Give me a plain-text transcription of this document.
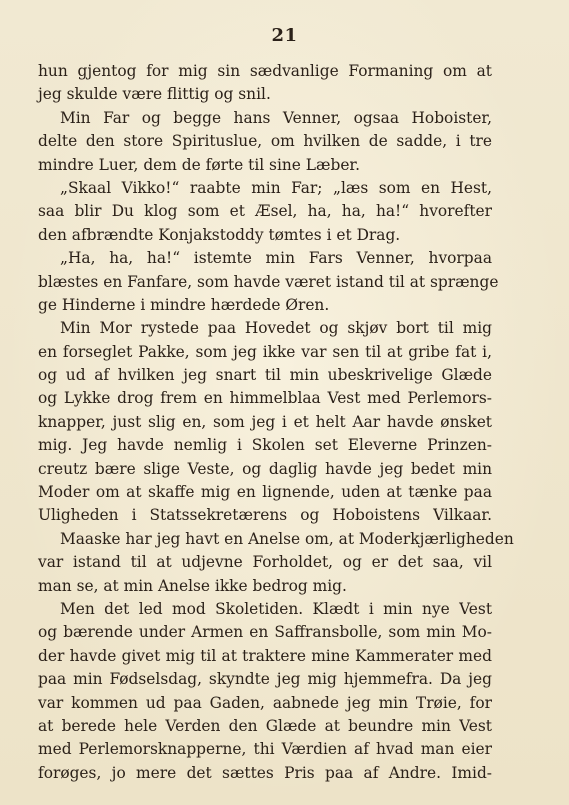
21
hun gjentog for mig sin sædvanlige Formaning om at
jeg skulde være flittig og snil.
Min Far og begge hans Venner, ogsaa Hoboister,
delte den store Spirituslue, om hvilken de sadde, i tre
mindre Luer, dem de førte til sine Læber.
„Skaal Vikko!“ raabte min Far; „læs som en Hest,
saa blir Du klog som et Æsel, ha, ha, ha!“ hvorefter
den afbrændte Konjakstoddy tømtes i et Drag.
„Ha, ha, ha!“ istemte min Fars Venner, hvorpaa
blæstes en Fanfare, som havde været istand til at sprænge
ge Hinderne i mindre hærdede Øren.
Min Mor rystede paa Hovedet og skjøv bort til mig
en forseglet Pakke, som jeg ikke var sen til at gribe fat i,
og ud af hvilken jeg snart til min ubeskrivelige Glæde
og Lykke drog frem en himmelblaa Vest med Perlemors-
knapper, just slig en, som jeg i et helt Aar havde ønsket
mig. Jeg havde nemlig i Skolen set Eleverne Prinzen-
creutz bære slige Veste, og daglig havde jeg bedet min
Moder om at skaffe mig en lignende, uden at tænke paa
Uligheden i Statssekretærens og Hoboistens Vilkaar.
Maaske har jeg havt en Anelse om, at Moderkjærligheden
var istand til at udjevne Forholdet, og er det saa, vil
man se, at min Anelse ikke bedrog mig.
Men det led mod Skoletiden. Klædt i min nye Vest
og bærende under Armen en Saffransbolle, som min Mo-
der havde givet mig til at traktere mine Kammerater med
paa min Fødselsdag, skyndte jeg mig hjemmefra. Da jeg
var kommen ud paa Gaden, aabnede jeg min Trøie, for
at berede hele Verden den Glæde at beundre min Vest
med Perlemorsknapperne, thi Værdien af hvad man eier
forøges, jo mere det sættes Pris paa af Andre. Imid-
